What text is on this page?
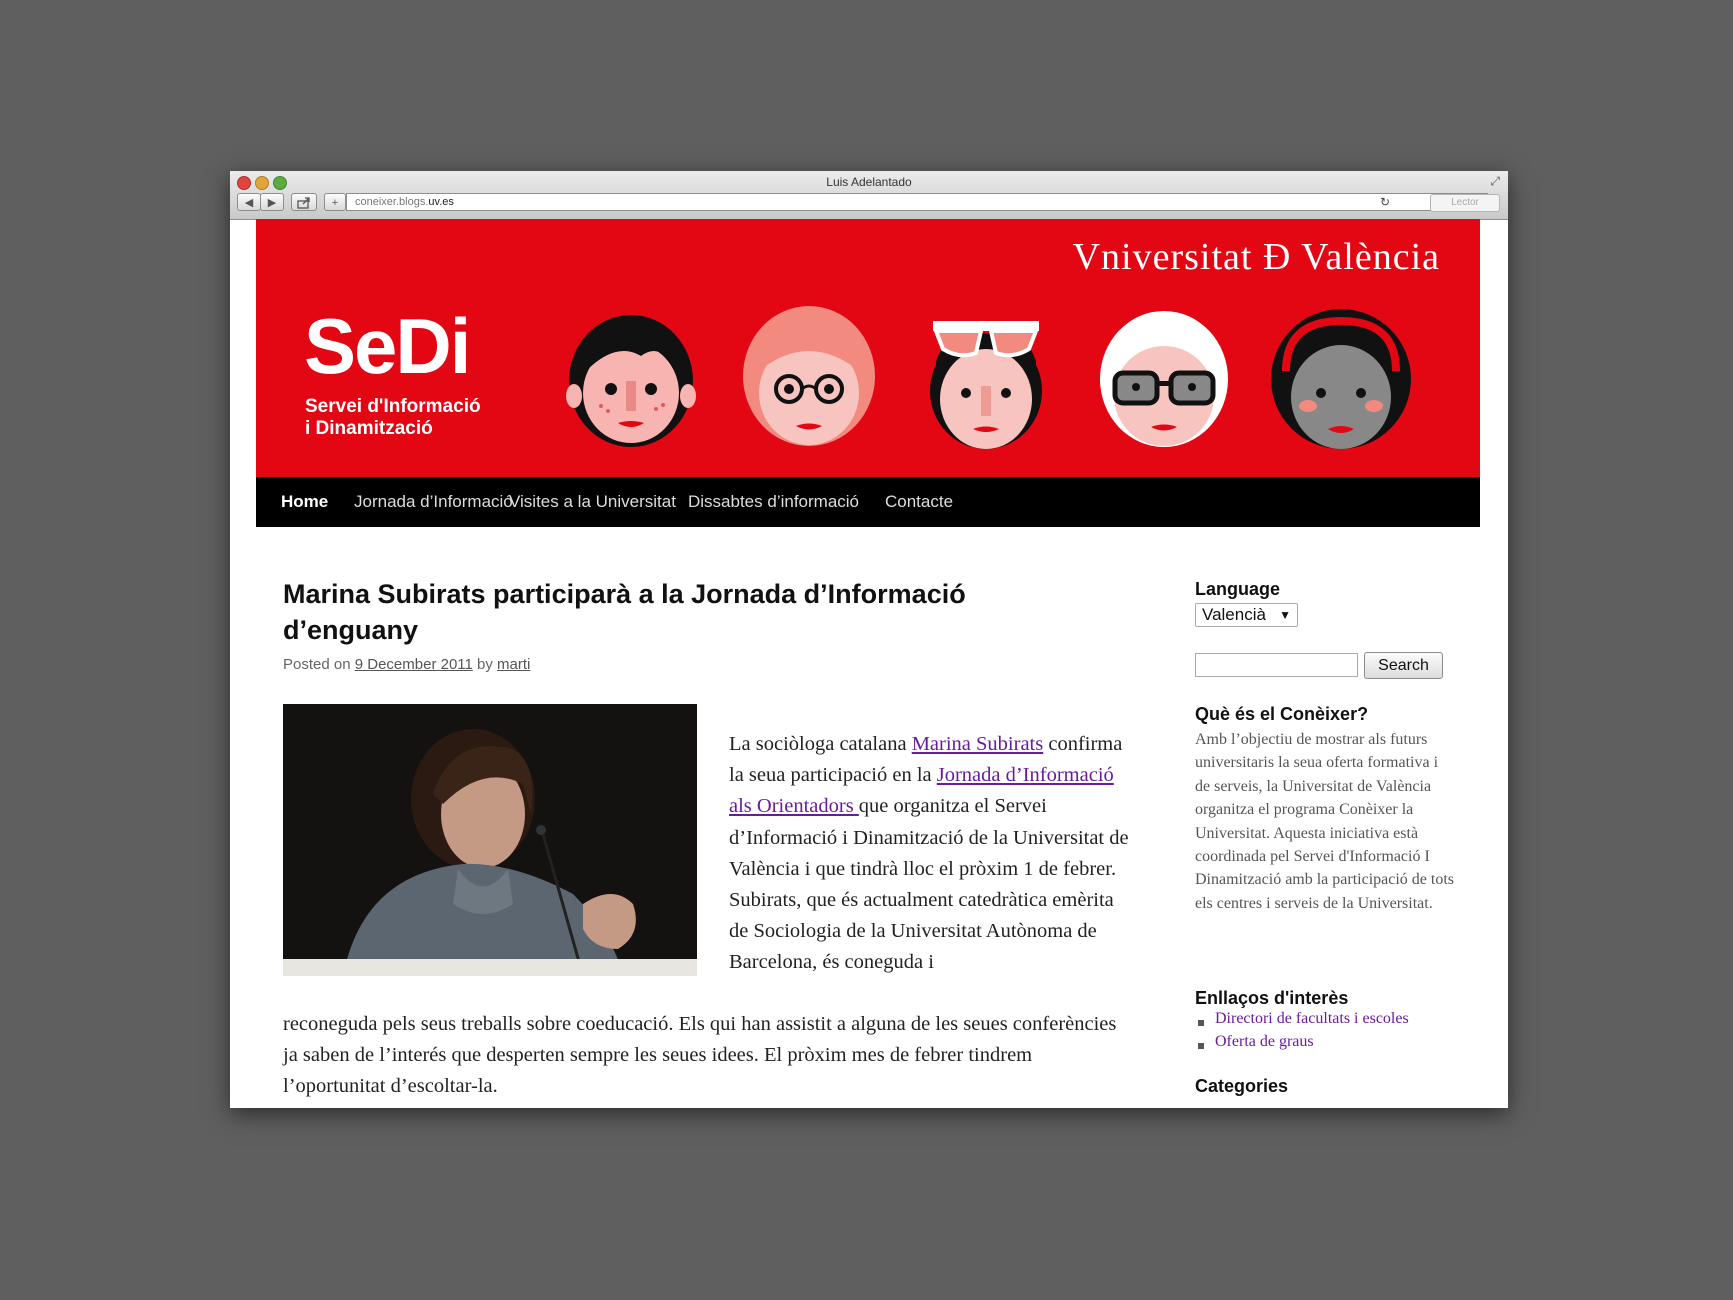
Luis Adelantado	⤢
◀	▶	+	coneixer.blogs.uv.es	↻	Lector
Vniversitat Đ València
SeDi
Servei d'Informació
i Dinamització
Home Jornada d’Informació
Visites a la Universitat Dissabtes d’informació Contacte
Marina Subirats participarà a la Jornada d’Informació d’enguany
Posted on 9 December 2011 by marti
La sociòloga catalana Marina Subirats confirma la seua participació en la Jornada d’Informació als Orientadors que organitza el Servei d’Informació i Dinamització de la Universitat de València i que tindrà lloc el pròxim 1 de febrer. Subirats, que és actualment catedràtica emèrita de Sociologia de la Universitat Autònoma de Barcelona, és coneguda i
reconeguda pels seus treballs sobre coeducació. Els qui han assistit a alguna de les seues conferències ja saben de l’interés que desperten sempre les seues idees. El pròxim mes de febrer tindrem l’oportunitat d’escoltar-la.
Language
Valencià ▼
Search
Què és el Conèixer?
Amb l’objectiu de mostrar als futurs universitaris la seua oferta formativa i de serveis, la Universitat de València organitza el programa Conèixer la Universitat. Aquesta iniciativa està coordinada pel Servei d'Informació I Dinamització amb la participació de tots els centres i serveis de la Universitat.
Enllaços d'interès
Directori de facultats i escoles
Oferta de graus
Categories
